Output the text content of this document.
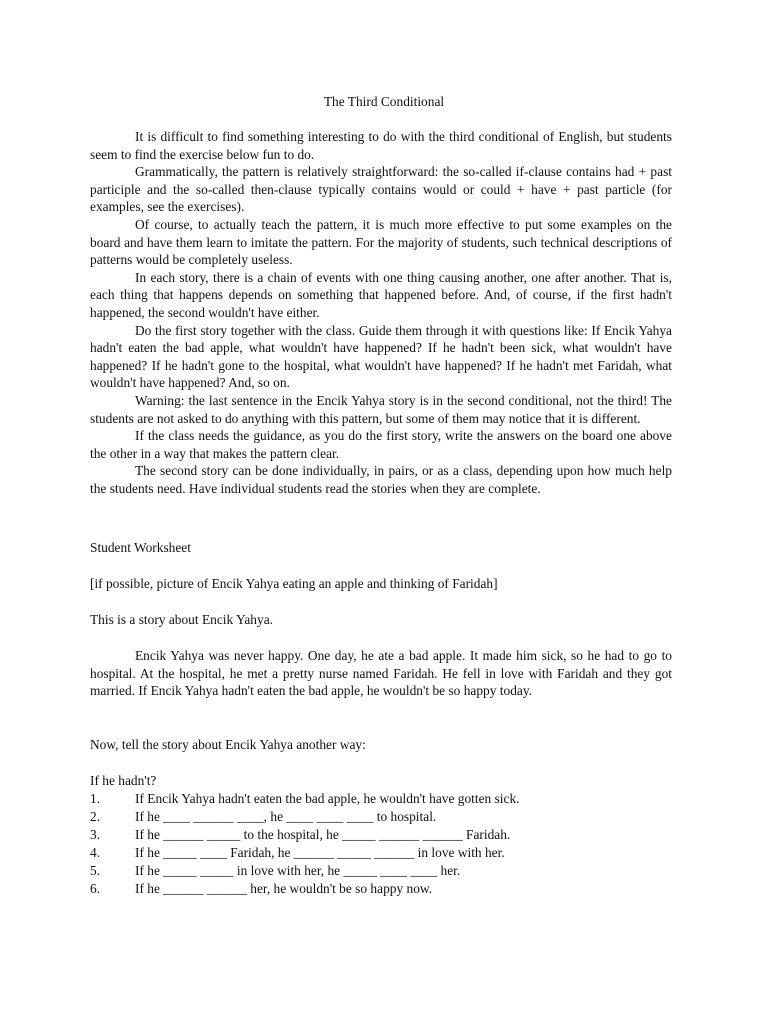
The Third Conditional

It is difficult to find something interesting to do with the third conditional of English, but students seem to find the exercise below fun to do.

Grammatically, the pattern is relatively straightforward: the so-called if-clause contains had + past participle and the so-called then-clause typically contains would or could + have + past particle (for examples, see the exercises).

Of course, to actually teach the pattern, it is much more effective to put some examples on the board and have them learn to imitate the pattern. For the majority of students, such technical descriptions of patterns would be completely useless.

In each story, there is a chain of events with one thing causing another, one after another. That is, each thing that happens depends on something that happened before. And, of course, if the first hadn't happened, the second wouldn't have either.

Do the first story together with the class. Guide them through it with questions like: If Encik Yahya hadn't eaten the bad apple, what wouldn't have happened? If he hadn't been sick, what wouldn't have happened? If he hadn't gone to the hospital, what wouldn't have happened? If he hadn't met Faridah, what wouldn't have happened? And, so on.

Warning: the last sentence in the Encik Yahya story is in the second conditional, not the third! The students are not asked to do anything with this pattern, but some of them may notice that it is different.

If the class needs the guidance, as you do the first story, write the answers on the board one above the other in a way that makes the pattern clear.

The second story can be done individually, in pairs, or as a class, depending upon how much help the students need. Have individual students read the stories when they are complete.

Student Worksheet
[if possible, picture of Encik Yahya eating an apple and thinking of Faridah]
This is a story about Encik Yahya.

Encik Yahya was never happy. One day, he ate a bad apple. It made him sick, so he had to go to hospital. At the hospital, he met a pretty nurse named Faridah. He fell in love with Faridah and they got married. If Encik Yahya hadn't eaten the bad apple, he wouldn't be so happy today.

Now, tell the story about Encik Yahya another way:
If he hadn't?
1.	If Encik Yahya hadn't eaten the bad apple, he wouldn't have gotten sick.
2.	If he ____ ______ ____, he ____ ____ ____ to hospital.
3.	If he ______ _____ to the hospital, he _____ ______ ______ Faridah.
4.	If he _____ ____ Faridah, he ______ _____ ______ in love with her.
5.	If he _____ _____ in love with her, he _____ ____ ____ her.
6.	If he ______ ______ her, he wouldn't be so happy now.
